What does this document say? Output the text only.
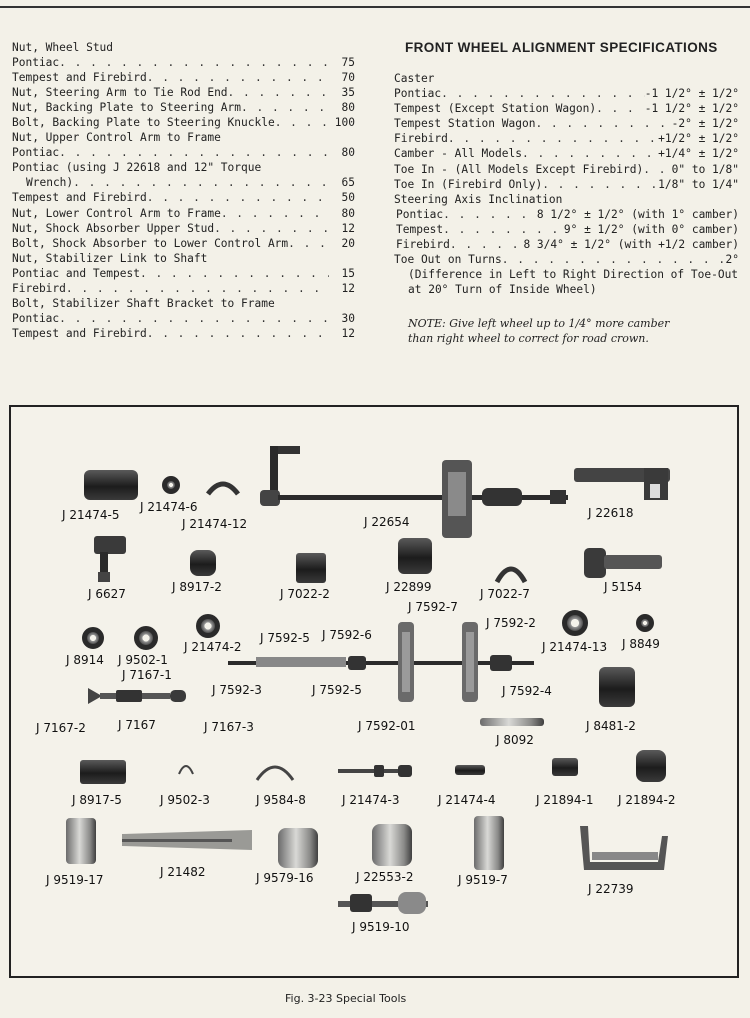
Nut, Wheel Stud
Pontiac . . .	75
Tempest and Firebird . . .	70
Nut, Steering Arm to Tie Rod End . . .	35
Nut, Backing Plate to Steering Arm . . .	80
Bolt, Backing Plate to Steering Knuckle . . .	100
Nut, Upper Control Arm to Frame
Pontiac . . .	80
Pontiac (using J 22618 and 12" Torque
Wrench) . . .	65
Tempest and Firebird . . .	50
Nut, Lower Control Arm to Frame . . .	80
Nut, Shock Absorber Upper Stud . . .	12
Bolt, Shock Absorber to Lower Control Arm . . .	20
Nut, Stabilizer Link to Shaft
Pontiac and Tempest . . .	15
Firebird . . .	12
Bolt, Stabilizer Shaft Bracket to Frame
Pontiac . . .	30
Tempest and Firebird . . .	12
FRONT WHEEL ALIGNMENT SPECIFICATIONS
Caster
Pontiac . . .	-1 1/2° ± 1/2°
Tempest (Except Station Wagon) . . .	-1 1/2° ± 1/2°
Tempest Station Wagon . . .	-2° ± 1/2°
Firebird . . .	+1/2° ± 1/2°
Camber - All Models . . .	+1/4° ± 1/2°
Toe In - (All Models Except Firebird) . . .	0" to 1/8"
Toe In (Firebird Only) . . .	1/8" to 1/4"
Steering Axis Inclination
Pontiac . . .	8 1/2° ± 1/2° (with 1° camber)
Tempest . . .	9° ± 1/2° (with 0° camber)
Firebird . . .	8 3/4° ± 1/2° (with +1/2 camber)
Toe Out on Turns . . .	2°
(Difference in Left to Right Direction of Toe-Out
at 20° Turn of Inside Wheel)
NOTE: Give left wheel up to 1/4° more camber
than right wheel to correct for road crown.
J 21474-5
J 21474-6
J 21474-12	J 22654
J 22618
J 6627	J 8917-2	J 7022-2	J 22899	J 7022-7	J 5154
J 8914 J 9502-1
J 21474-2
J 7592-5 J 7592-6
J 7592-7
J 7592-2
J 21474-13 J 8849
J 7167-1
J 7592-3	J 7592-5	J 7592-4
J 7167-2	J 7167	J 7167-3	J 7592-01	J 8481-2
J 8092
J 8917-5	J 9502-3	J 9584-8	J 21474-3	J 21474-4	J 21894-1 J 21894-2
J 9519-17
J 21482	J 9579-16	J 22553-2	J 9519-7
J 22739
J 9519-10
Fig. 3-23 Special Tools
